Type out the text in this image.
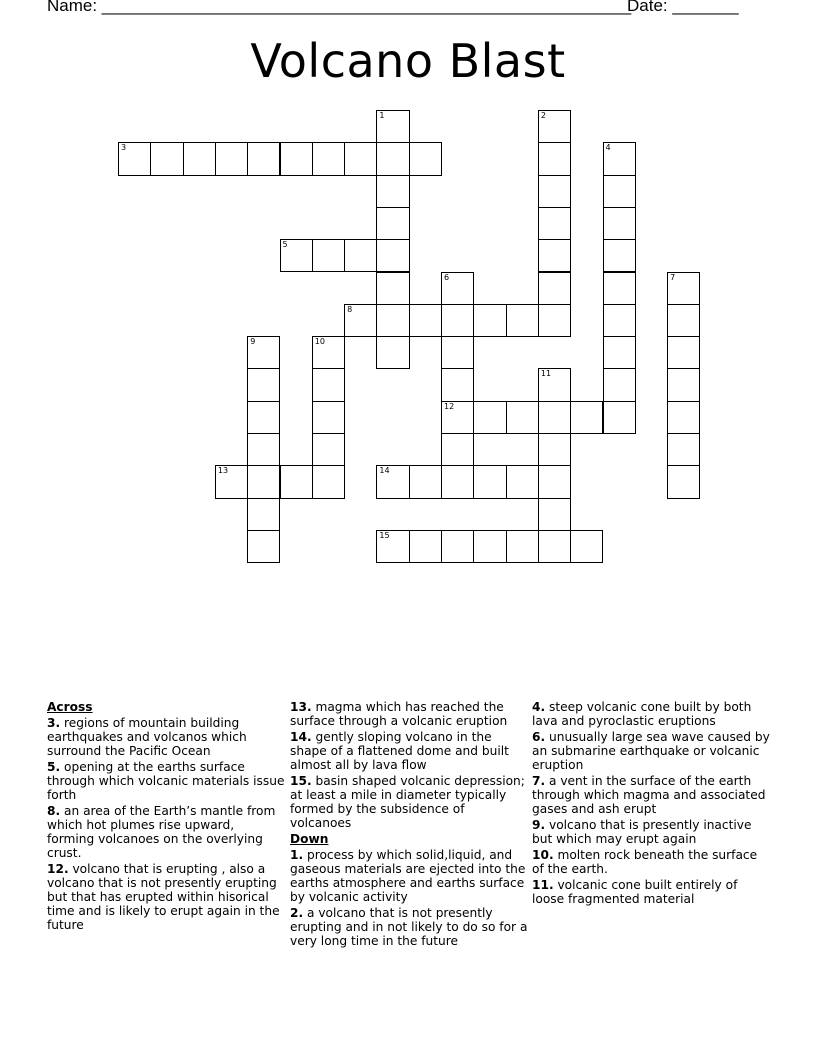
Name: ________________________________________________________
Date: _______
Volcano Blast
1	2
3	4
5
6
12
7
8
9	10
11
13	14
15
Across
3. regions of mountain building earthquakes and volcanos which surround the Pacific Ocean
5. opening at the earths surface through which volcanic materials issue forth
8. an area of the Earth’s mantle from which hot plumes rise upward, forming volcanoes on the overlying crust.
12. volcano that is erupting , also a volcano that is not presently erupting but that has erupted within hisorical time and is likely to erupt again in the future
13. magma which has reached the surface through a volcanic eruption
14. gently sloping volcano in the shape of a flattened dome and built almost all by lava flow
15. basin shaped volcanic depression; at least a mile in diameter typically formed by the subsidence of volcanoes
Down
1. process by which solid,liquid, and gaseous materials are ejected into the earths atmosphere and earths surface by volcanic activity
2. a volcano that is not presently erupting and in not likely to do so for a very long time in the future
4. steep volcanic cone built by both lava and pyroclastic eruptions
6. unusually large sea wave caused by an submarine earthquake or volcanic eruption
7. a vent in the surface of the earth through which magma and associated gases and ash erupt
9. volcano that is presently inactive but which may erupt again
10. molten rock beneath the surface of the earth.
11. volcanic cone built entirely of loose fragmented material
